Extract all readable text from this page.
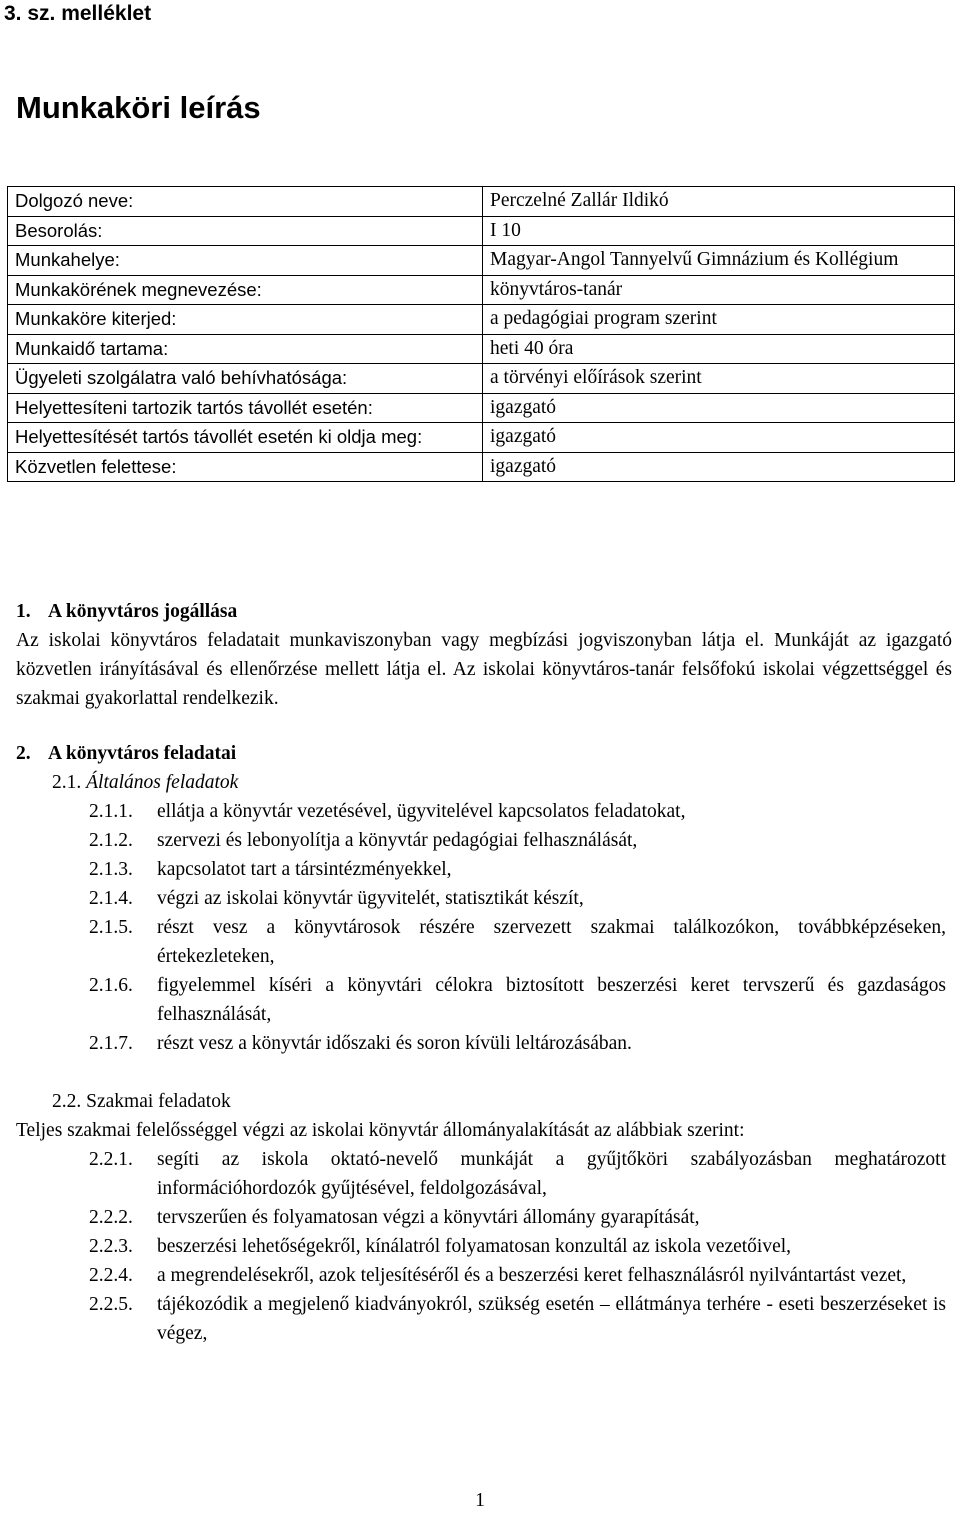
3. sz. melléklet
Munkaköri leírás
Dolgozó neve:	Perczelné Zallár Ildikó
Besorolás:	I 10
Munkahelye:	Magyar-Angol Tannyelvű Gimnázium és Kollégium
Munkakörének megnevezése:	könyvtáros-tanár
Munkaköre kiterjed:	a pedagógiai program szerint
Munkaidő tartama:	heti 40 óra
Ügyeleti szolgálatra való behívhatósága:	a törvényi előírások szerint
Helyettesíteni tartozik tartós távollét esetén:	igazgató
Helyettesítését tartós távollét esetén ki oldja meg:	igazgató
Közvetlen felettese:	igazgató
1. A könyvtáros jogállása
Az iskolai könyvtáros feladatait munkaviszonyban vagy megbízási jogviszonyban látja el. Munkáját az igazgató közvetlen irányításával és ellenőrzése mellett látja el. Az iskolai könyvtáros-tanár felsőfokú iskolai végzettséggel és szakmai gyakorlattal rendelkezik.
2. A könyvtáros feladatai
2.1. Általános feladatok
2.1.1.	ellátja a könyvtár vezetésével, ügyvitelével kapcsolatos feladatokat,
2.1.2.	szervezi és lebonyolítja a könyvtár pedagógiai felhasználását,
2.1.3.	kapcsolatot tart a társintézményekkel,
2.1.4.	végzi az iskolai könyvtár ügyvitelét, statisztikát készít,
2.1.5.	részt vesz a könyvtárosok részére szervezett szakmai találkozókon, továbbképzéseken, értekezleteken,
2.1.6.	figyelemmel kíséri a könyvtári célokra biztosított beszerzési keret tervszerű és gazdaságos felhasználását,
2.1.7.	részt vesz a könyvtár időszaki és soron kívüli leltározásában.
2.2. Szakmai feladatok
Teljes szakmai felelősséggel végzi az iskolai könyvtár állományalakítását az alábbiak szerint:
2.2.1.	segíti az iskola oktató-nevelő munkáját a gyűjtőköri szabályozásban meghatározott információhordozók gyűjtésével, feldolgozásával,
2.2.2.	tervszerűen és folyamatosan végzi a könyvtári állomány gyarapítását,
2.2.3.	beszerzési lehetőségekről, kínálatról folyamatosan konzultál az iskola vezetőivel,
2.2.4.	a megrendelésekről, azok teljesítéséről és a beszerzési keret felhasználásról nyilvántartást vezet,
2.2.5.	tájékozódik a megjelenő kiadványokról, szükség esetén – ellátmánya terhére - eseti beszerzéseket is végez,
1
